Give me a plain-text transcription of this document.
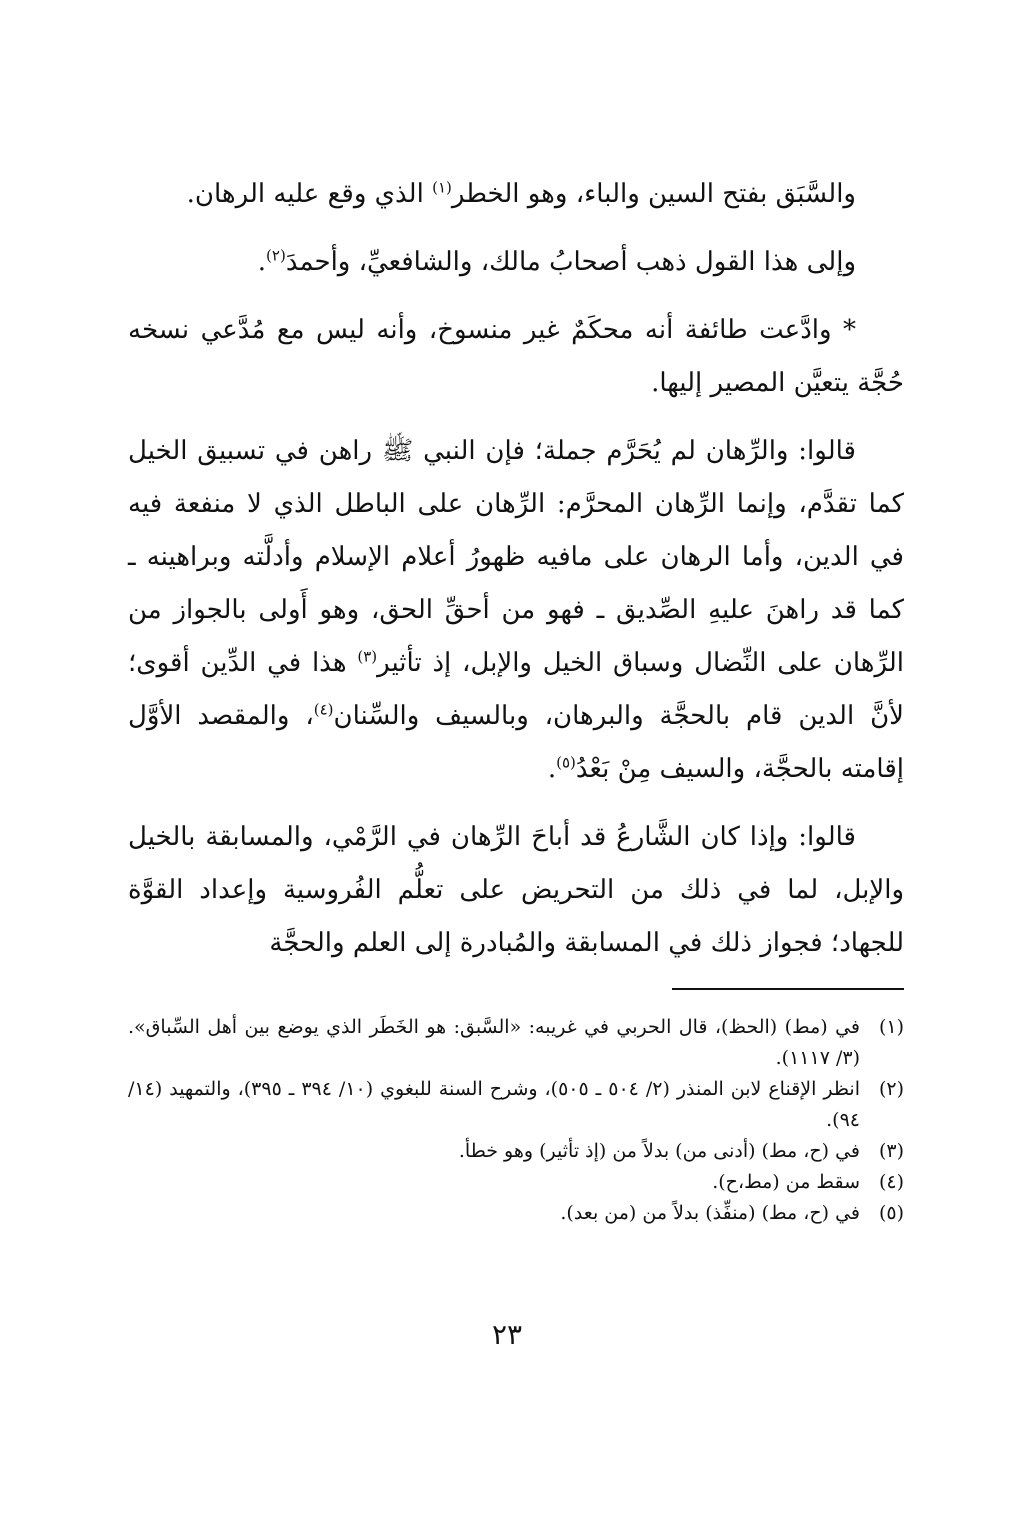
والسَّبَق بفتح السين والباء، وهو الخطر$^{(١)}$ الذي وقع عليه الرهان.

وإلى هذا القول ذهب أصحابُ مالك، والشافعيِّ، وأحمدَ$^{(٢)}$.

* وادَّعت طائفة أنه محكَمٌ غير منسوخ، وأنه ليس مع مُدَّعي نسخه حُجَّة يتعيَّن المصير إليها.

قالوا: والرِّهان لم يُحَرَّم جملة؛ فإن النبي ﷺ راهن في تسبيق الخيل كما تقدَّم، وإنما الرِّهان المحرَّم: الرِّهان على الباطل الذي لا منفعة فيه في الدين، وأما الرهان على مافيه ظهورُ أعلام الإسلام وأدلَّته وبراهينه ـ كما قد راهنَ عليهِ الصِّديق ـ فهو من أحقِّ الحق، وهو أَولى بالجواز من الرِّهان على النِّضال وسباق الخيل والإبل، إذ تأثير$^{(٣)}$ هذا في الدِّين أقوى؛ لأنَّ الدين قام بالحجَّة والبرهان، وبالسيف والسِّنان$^{(٤)}$، والمقصد الأوَّل إقامته بالحجَّة، والسيف مِنْ بَعْدُ$^{(٥)}$.

قالوا: وإذا كان الشَّارعُ قد أباحَ الرِّهان في الرَّمْي، والمسابقة بالخيل والإبل، لما في ذلك من التحريض على تعلُّم الفُروسية وإعداد القوَّة للجهاد؛ فجواز ذلك في المسابقة والمُبادرة إلى العلم والحجَّة

(١)
في (مط) (الحظ)، قال الحربي في غريبه: «السَّبق: هو الخَطَر الذي يوضع بين أهل السِّباق». (٣/ ١١١٧).
(٢)
انظر الإقناع لابن المنذر (٢/ ٥٠٤ ـ ٥٠٥)، وشرح السنة للبغوي (١٠/ ٣٩٤ ـ ٣٩٥)، والتمهيد (١٤/ ٩٤).
(٣)
في (ح، مط) (أدنى من) بدلاً من (إذ تأثير) وهو خطأ.
(٤)
سقط من (مط،ح).
(٥)
في (ح، مط) (منفِّذ) بدلاً من (من بعد).
٢٣
